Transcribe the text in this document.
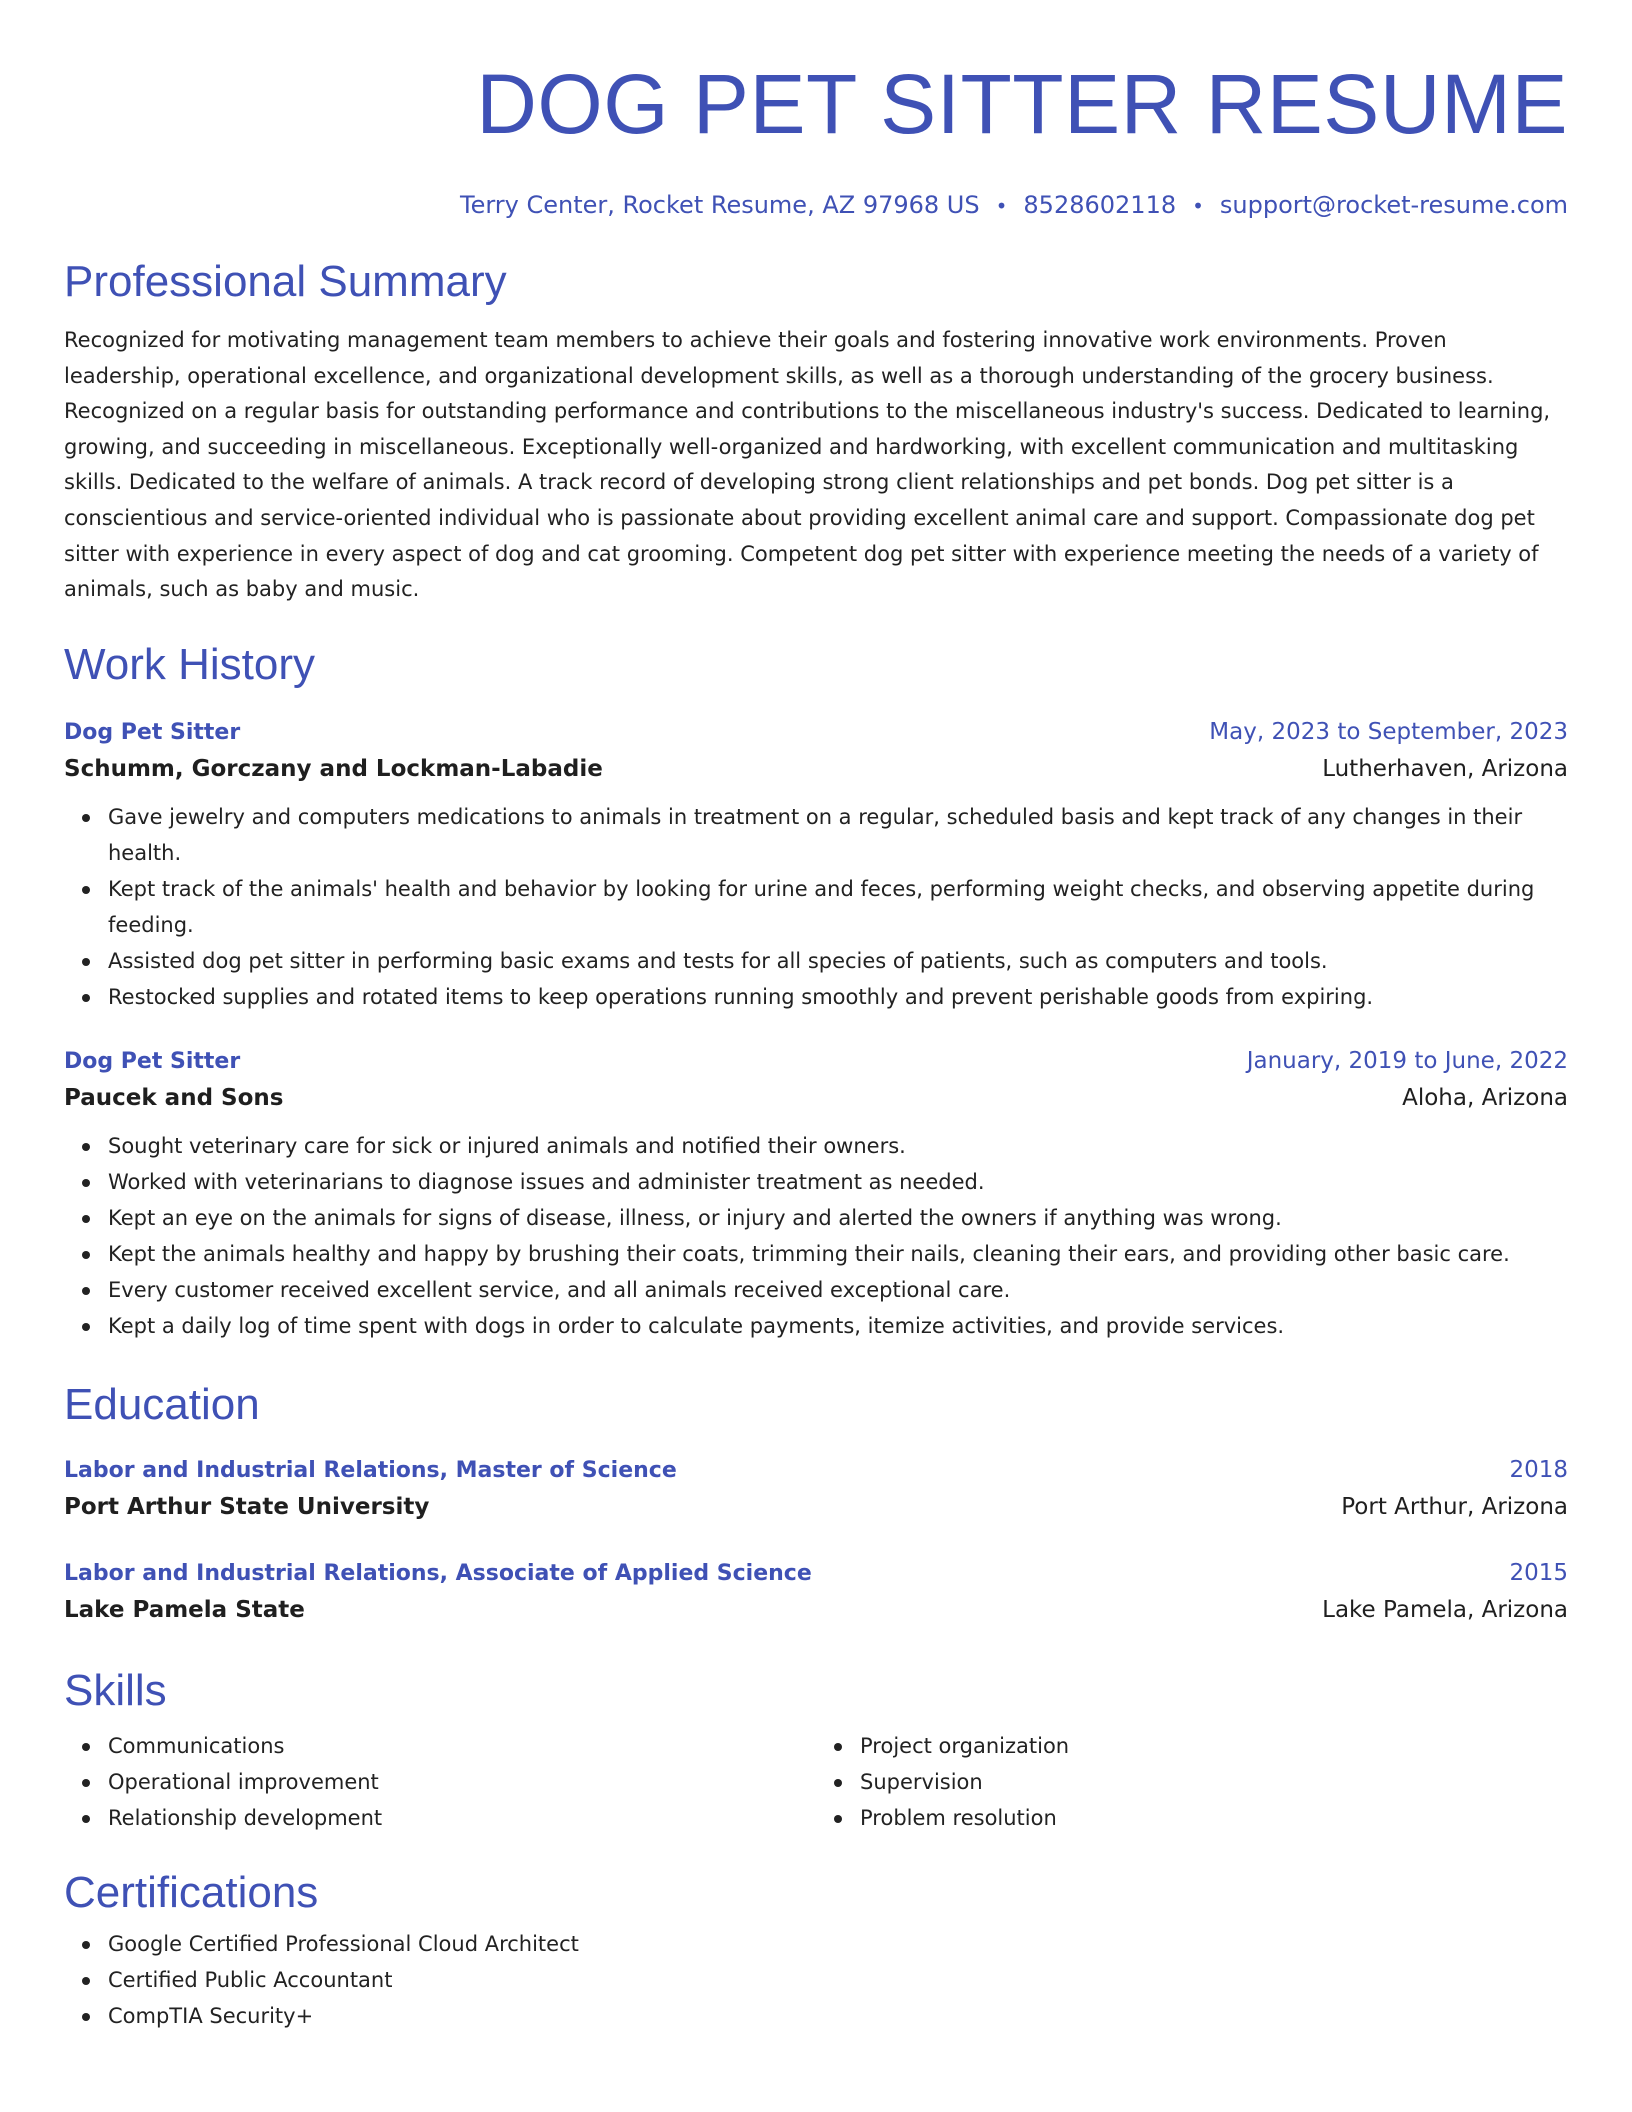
DOG PET SITTER RESUME
Terry Center, Rocket Resume, AZ 97968 US • 8528602118 • support@rocket-resume.com
Professional Summary
Recognized for motivating management team members to achieve their goals and fostering innovative work environments. Proven leadership, operational excellence, and organizational development skills, as well as a thorough understanding of the grocery business. Recognized on a regular basis for outstanding performance and contributions to the miscellaneous industry's success. Dedicated to learning, growing, and succeeding in miscellaneous. Exceptionally well-organized and hardworking, with excellent communication and multitasking skills. Dedicated to the welfare of animals. A track record of developing strong client relationships and pet bonds. Dog pet sitter is a conscientious and service-oriented individual who is passionate about providing excellent animal care and support. Compassionate dog pet sitter with experience in every aspect of dog and cat grooming. Competent dog pet sitter with experience meeting the needs of a variety of animals, such as baby and music.
Work History
Dog Pet Sitter	May, 2023 to September, 2023
Schumm, Gorczany and Lockman-Labadie	Lutherhaven, Arizona
Gave jewelry and computers medications to animals in treatment on a regular, scheduled basis and kept track of any changes in their health.
Kept track of the animals' health and behavior by looking for urine and feces, performing weight checks, and observing appetite during feeding.
Assisted dog pet sitter in performing basic exams and tests for all species of patients, such as computers and tools.
Restocked supplies and rotated items to keep operations running smoothly and prevent perishable goods from expiring.
Dog Pet Sitter	January, 2019 to June, 2022
Paucek and Sons	Aloha, Arizona
Sought veterinary care for sick or injured animals and notified their owners.
Worked with veterinarians to diagnose issues and administer treatment as needed.
Kept an eye on the animals for signs of disease, illness, or injury and alerted the owners if anything was wrong.
Kept the animals healthy and happy by brushing their coats, trimming their nails, cleaning their ears, and providing other basic care.
Every customer received excellent service, and all animals received exceptional care.
Kept a daily log of time spent with dogs in order to calculate payments, itemize activities, and provide services.
Education
Labor and Industrial Relations, Master of Science	2018
Port Arthur State University	Port Arthur, Arizona
Labor and Industrial Relations, Associate of Applied Science	2015
Lake Pamela State	Lake Pamela, Arizona
Skills
Communications
Operational improvement
Relationship development
Project organization
Supervision
Problem resolution
Certifications
Google Certified Professional Cloud Architect
Certified Public Accountant
CompTIA Security+
